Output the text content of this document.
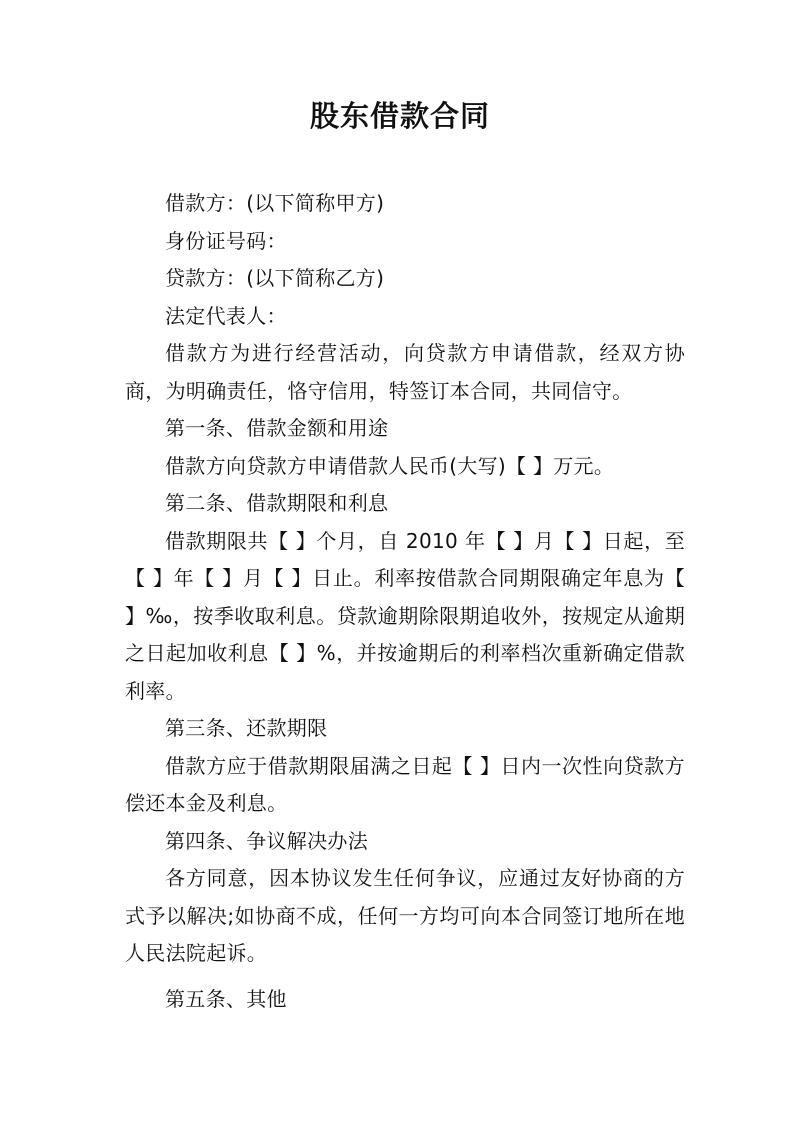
股东借款合同

借款方：(以下简称甲方)

身份证号码：

贷款方：(以下简称乙方)

法定代表人：

借款方为进行经营活动，向贷款方申请借款，经双方协商，为明确责任，恪守信用，特签订本合同，共同信守。

第一条、借款金额和用途

借款方向贷款方申请借款人民币(大写)【 】万元。

第二条、借款期限和利息

借款期限共【 】个月，自 2010 年【 】月【 】日起，至【 】年【 】月【 】日止。利率按借款合同期限确定年息为【 】‰，按季收取利息。贷款逾期除限期追收外，按规定从逾期之日起加收利息【 】%，并按逾期后的利率档次重新确定借款利率。

第三条、还款期限

借款方应于借款期限届满之日起【 】日内一次性向贷款方偿还本金及利息。

第四条、争议解决办法

各方同意，因本协议发生任何争议，应通过友好协商的方式予以解决;如协商不成，任何一方均可向本合同签订地所在地人民法院起诉。

第五条、其他
